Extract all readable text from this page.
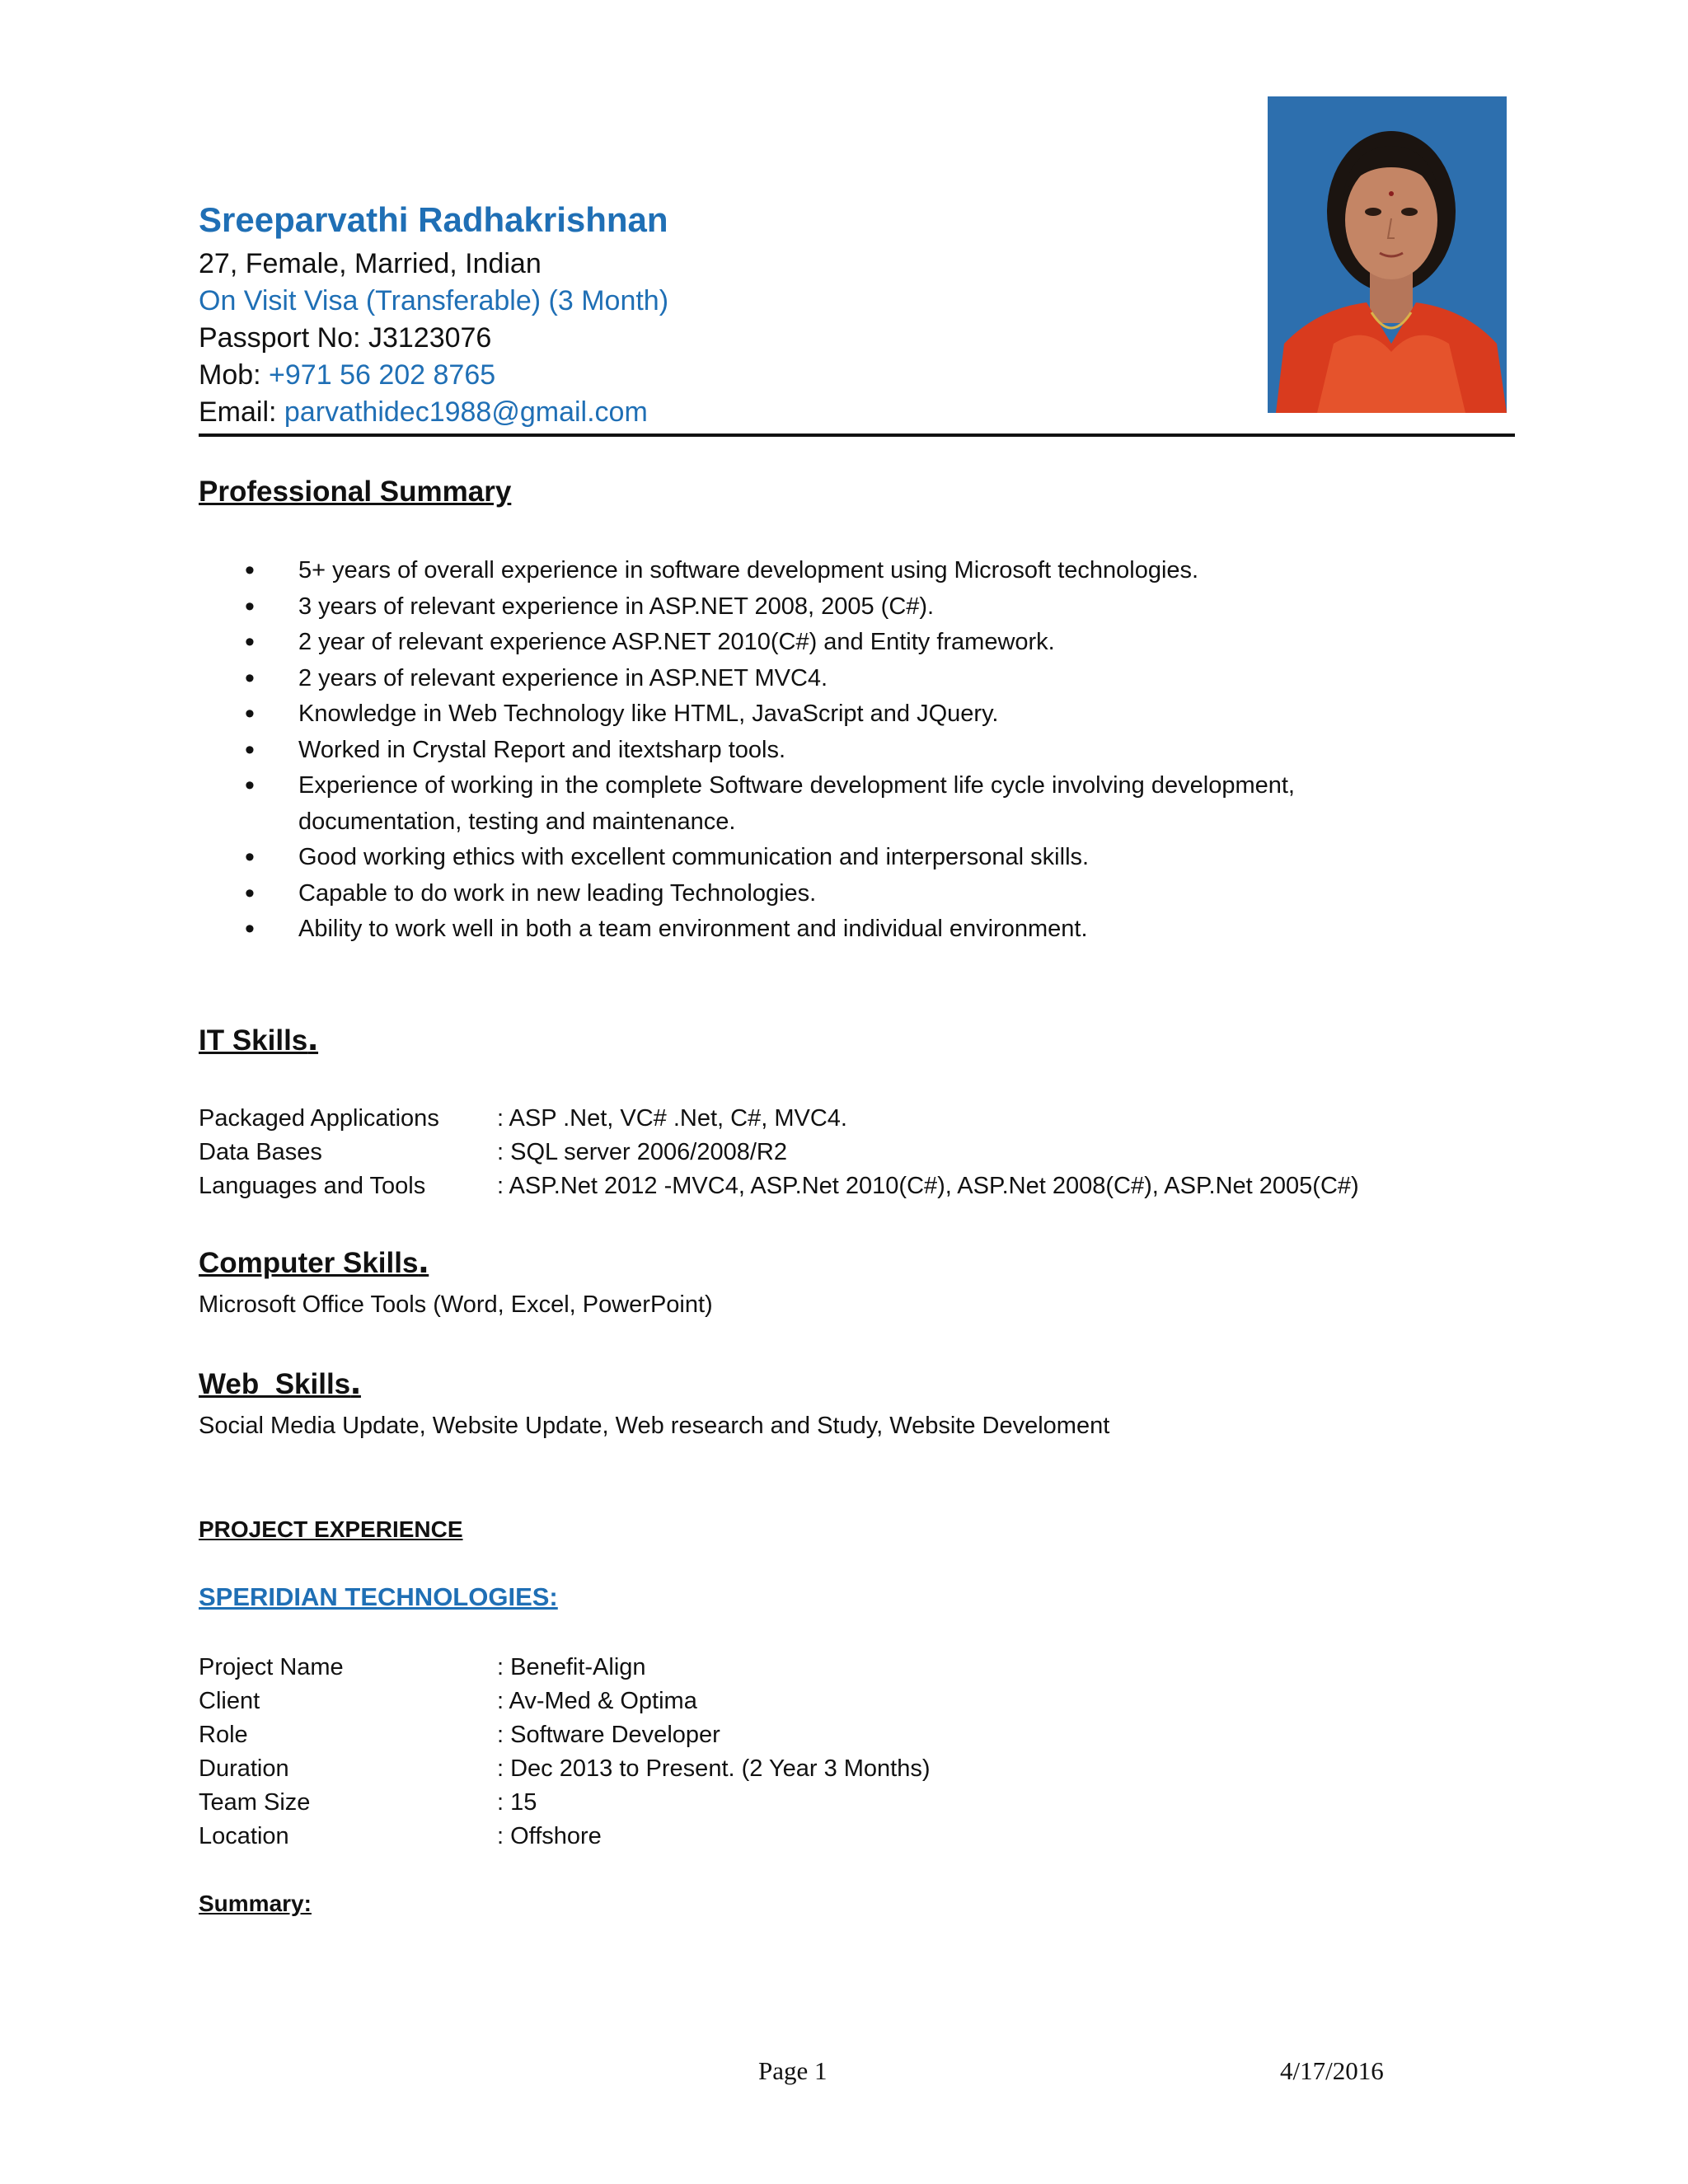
Sreeparvathi Radhakrishnan
27, Female, Married, Indian
On Visit Visa (Transferable) (3 Month)
Passport No: J3123076
Mob: +971 56 202 8765
Email: parvathidec1988@gmail.com
Professional Summary
• 5+ years of overall experience in software development using Microsoft technologies.
• 3 years of relevant experience in ASP.NET 2008, 2005 (C#).
• 2 year of relevant experience ASP.NET 2010(C#) and Entity framework.
• 2 years of relevant experience in ASP.NET MVC4.
• Knowledge in Web Technology like HTML, JavaScript and JQuery.
• Worked in Crystal Report and itextsharp tools.
• Experience of working in the complete Software development life cycle involving development, documentation, testing and maintenance.
• Good working ethics with excellent communication and interpersonal skills.
• Capable to do work in new leading Technologies.
• Ability to work well in both a team environment and individual environment.
IT Skills.
Packaged Applications	: ASP .Net, VC# .Net, C#, MVC4.
Data Bases	: SQL server 2006/2008/R2
Languages and Tools	: ASP.Net 2012 -MVC4, ASP.Net 2010(C#), ASP.Net 2008(C#), ASP.Net 2005(C#)
Computer Skills.
Microsoft Office Tools (Word, Excel, PowerPoint)
Web  Skills.
Social Media Update, Website Update, Web research and Study, Website Develoment
PROJECT EXPERIENCE
SPERIDIAN TECHNOLOGIES:
Project Name	: Benefit-Align
Client	: Av-Med & Optima
Role	: Software Developer
Duration	: Dec 2013 to Present. (2 Year 3 Months)
Team Size	: 15
Location	: Offshore
Summary:
Page 1	4/17/2016
